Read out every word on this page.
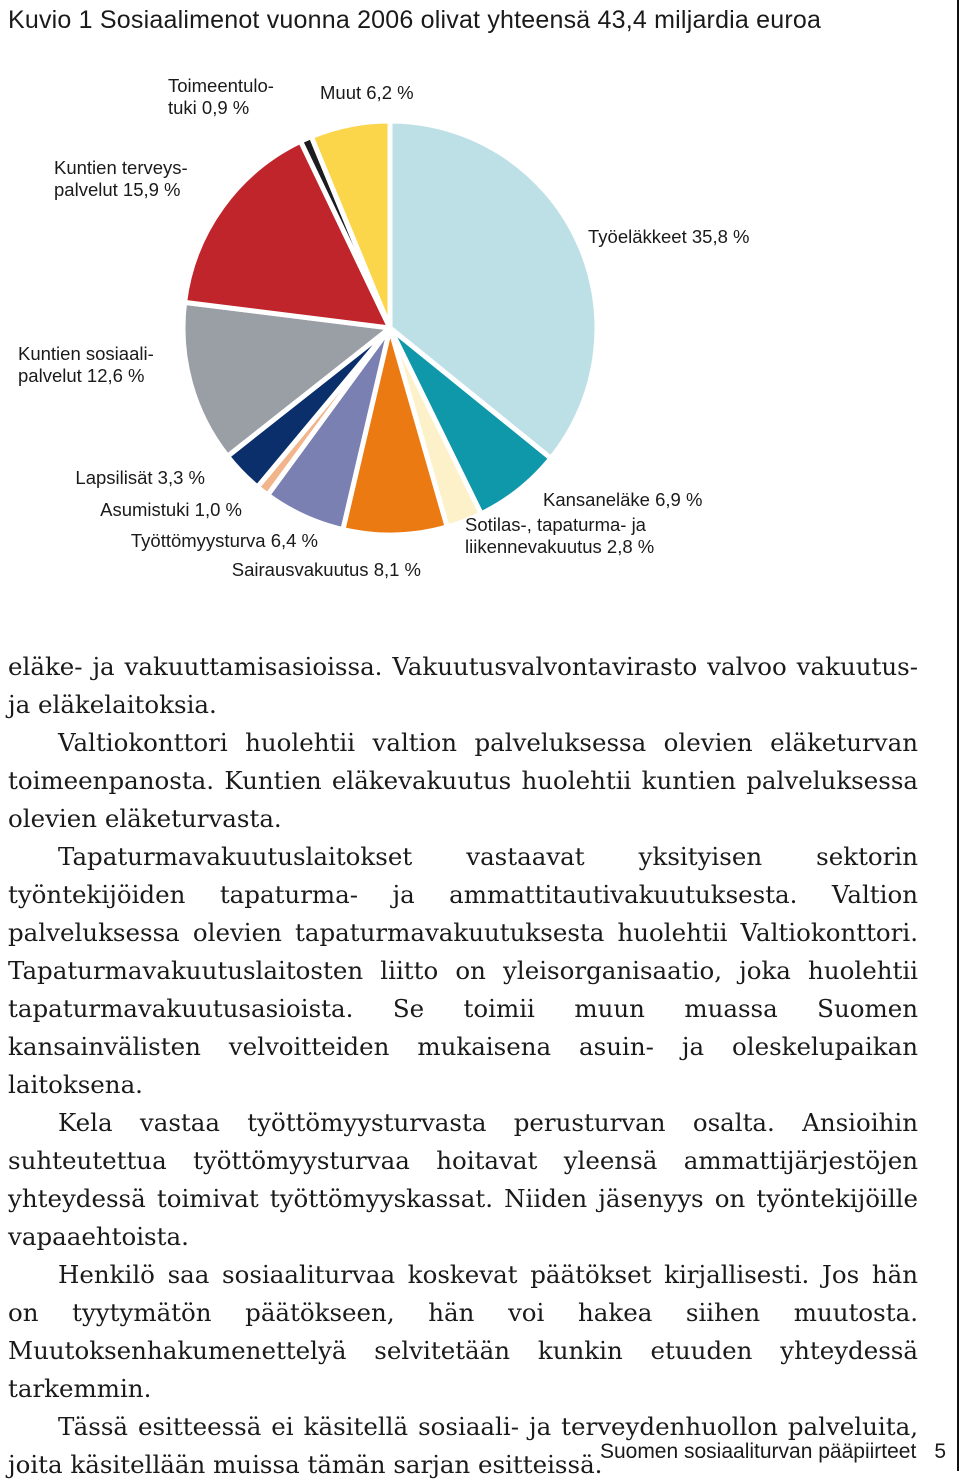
Kuvio 1 Sosiaalimenot vuonna 2006 olivat yhteensä 43,4 miljardia euroa
Työeläkkeet 35,8 %
Kansaneläke 6,9 %
Sotilas-, tapaturma- ja liikennevakuutus 2,8 %
Sairausvakuutus 8,1 %
Työttömyysturva 6,4 %
Asumistuki 1,0 %
Lapsilisät 3,3 %
Kuntien sosiaali-palvelut 12,6 %
Kuntien terveys-palvelut 15,9 %
Toimeentulo-tuki 0,9 %
Muut 6,2 %

eläke- ja vakuuttamisasioissa. Vakuutusvalvontavirasto valvoo vakuutus- ja eläkelaitoksia.

Valtiokonttori huolehtii valtion palveluksessa olevien eläketurvan toimeenpanosta. Kuntien eläkevakuutus huolehtii kuntien palveluksessa olevien eläketurvasta.

Tapaturmavakuutuslaitokset vastaavat yksityisen sektorin työntekijöiden tapaturma- ja ammattitautivakuutuksesta. Valtion palveluksessa olevien tapaturmavakuutuksesta huolehtii Valtiokonttori. Tapaturmavakuutuslaitosten liitto on yleisorganisaatio, joka huolehtii tapaturmavakuutusasioista. Se toimii muun muassa Suomen kansainvälisten velvoitteiden mukaisena asuin- ja oleskelupaikan laitoksena.

Kela vastaa työttömyysturvasta perusturvan osalta. Ansioihin suhteutettua työttömyysturvaa hoitavat yleensä ammattijärjestöjen yhteydessä toimivat työttömyyskassat. Niiden jäsenyys on työntekijöille vapaaehtoista.

Henkilö saa sosiaaliturvaa koskevat päätökset kirjallisesti. Jos hän on tyytymätön päätökseen, hän voi hakea siihen muutosta. Muutoksenhakumenettelyä selvitetään kunkin etuuden yhteydessä tarkemmin.

Tässä esitteessä ei käsitellä sosiaali- ja terveydenhuollon palveluita, joita käsitellään muissa tämän sarjan esitteissä.

Suomen sosiaaliturvan pääpiirteet 5
